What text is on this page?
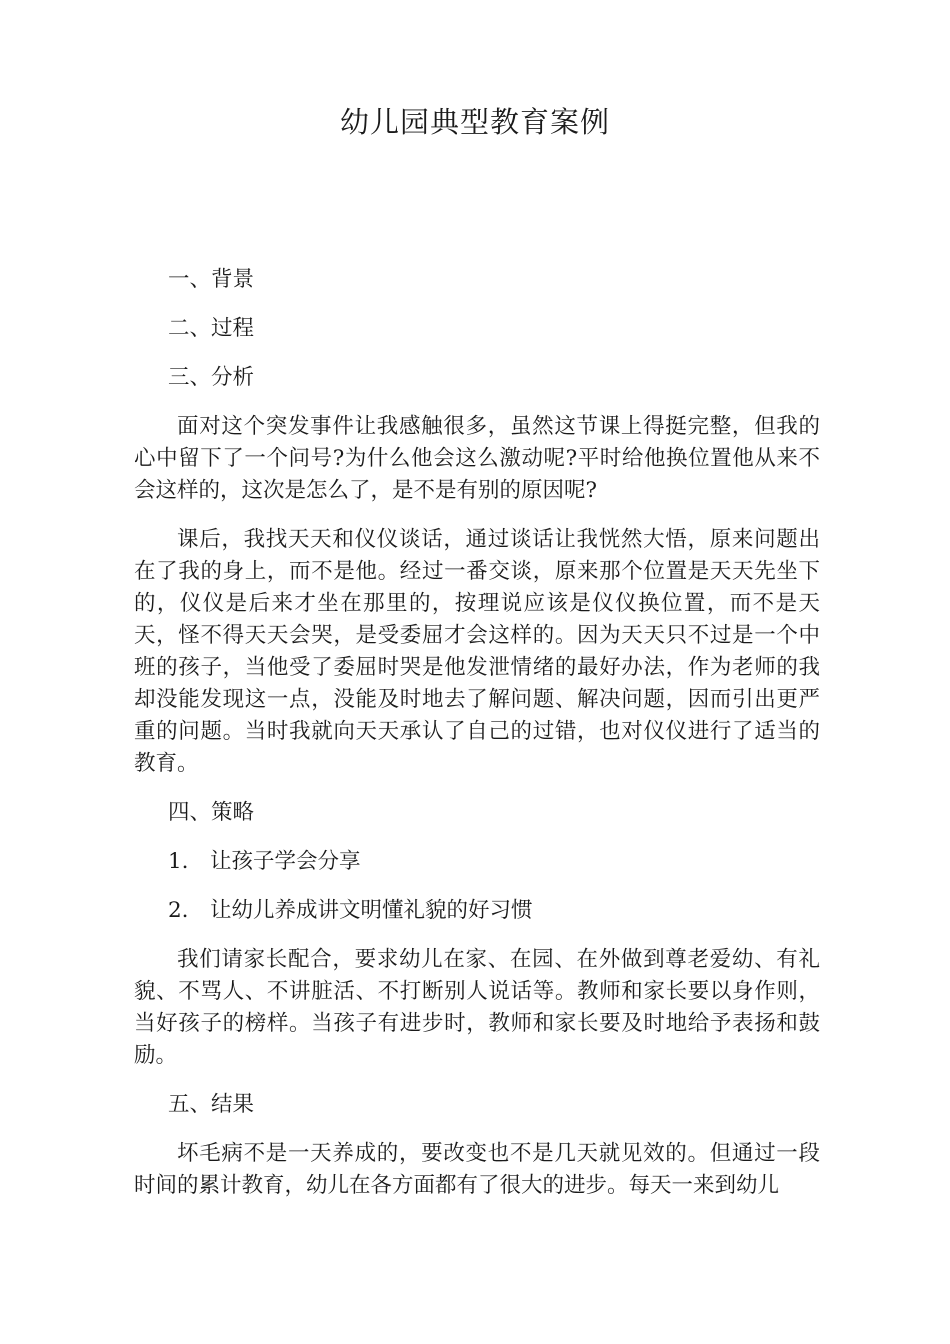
幼儿园典型教育案例

一、背景

二、过程

三、分析

面对这个突发事件让我感触很多，虽然这节课上得挺完整，但我的心中留下了一个问号?为什么他会这么激动呢?平时给他换位置他从来不会这样的，这次是怎么了，是不是有别的原因呢?

课后，我找天天和仪仪谈话，通过谈话让我恍然大悟，原来问题出在了我的身上，而不是他。经过一番交谈，原来那个位置是天天先坐下的，仪仪是后来才坐在那里的，按理说应该是仪仪换位置，而不是天天，怪不得天天会哭，是受委屈才会这样的。因为天天只不过是一个中班的孩子，当他受了委屈时哭是他发泄情绪的最好办法，作为老师的我却没能发现这一点，没能及时地去了解问题、解决问题，因而引出更严重的问题。当时我就向天天承认了自己的过错，也对仪仪进行了适当的教育。

四、策略

1. 让孩子学会分享

2. 让幼儿养成讲文明懂礼貌的好习惯

我们请家长配合，要求幼儿在家、在园、在外做到尊老爱幼、有礼貌、不骂人、不讲脏活、不打断别人说话等。教师和家长要以身作则，当好孩子的榜样。当孩子有进步时，教师和家长要及时地给予表扬和鼓励。

五、结果

坏毛病不是一天养成的，要改变也不是几天就见效的。但通过一段时间的累计教育，幼儿在各方面都有了很大的进步。每天一来到幼儿
